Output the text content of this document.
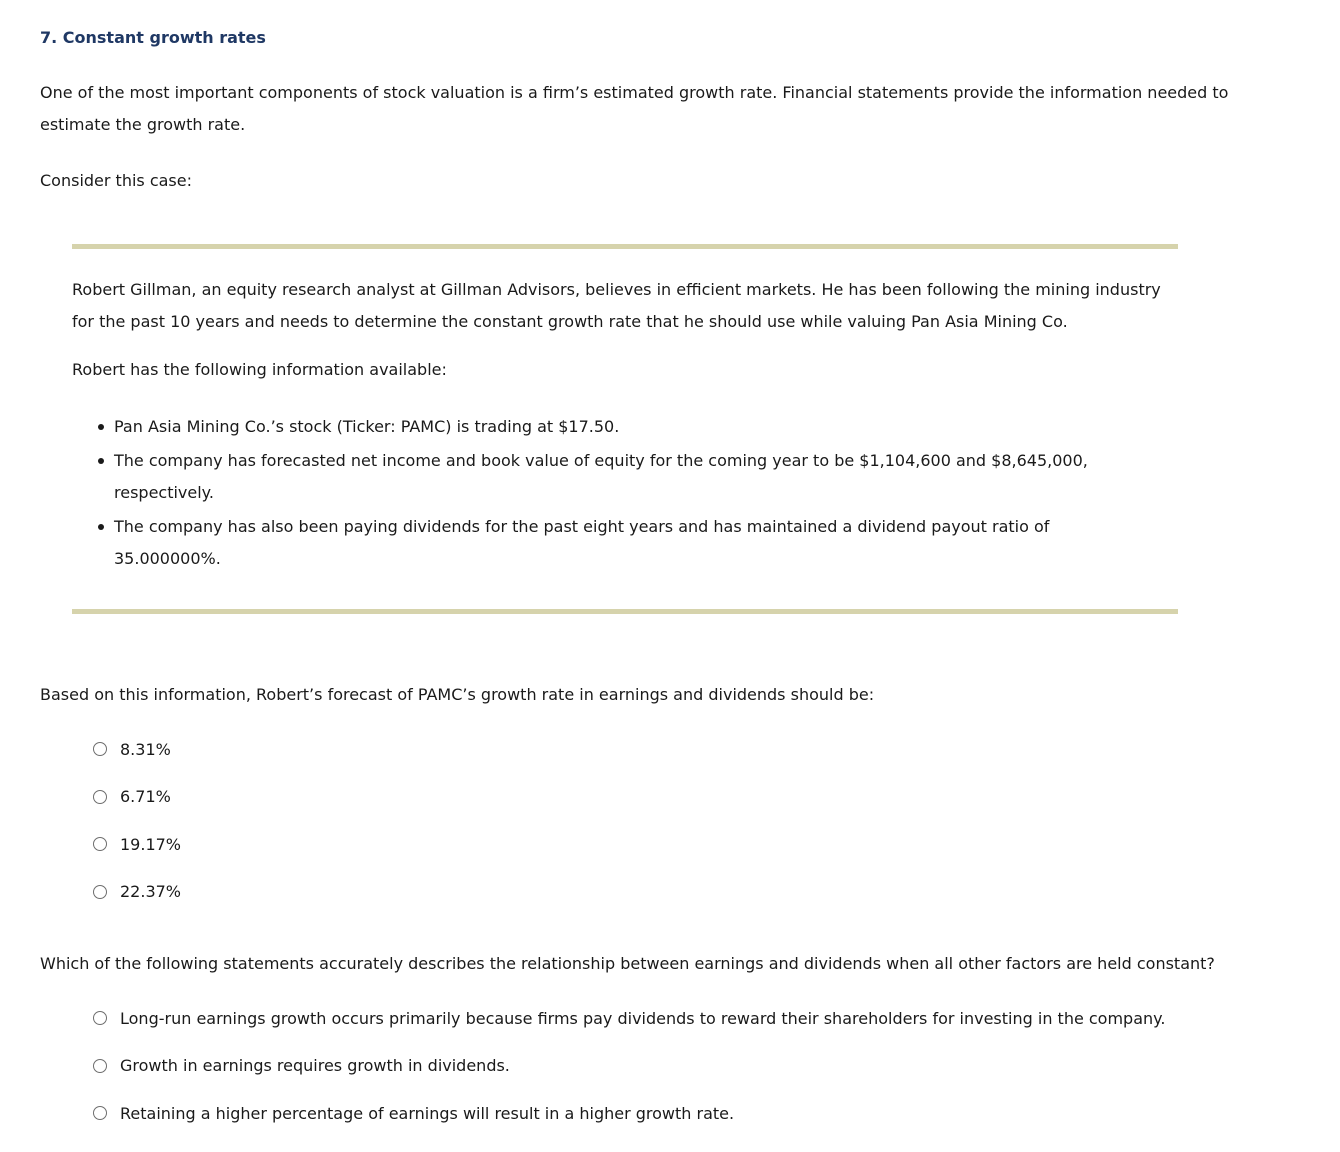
7. Constant growth rates

One of the most important components of stock valuation is a firm’s estimated growth rate. Financial statements provide the information needed to estimate the growth rate.

Consider this case:

Robert Gillman, an equity research analyst at Gillman Advisors, believes in efficient markets. He has been following the mining industry for the past 10 years and needs to determine the constant growth rate that he should use while valuing Pan Asia Mining Co.

Robert has the following information available:

Pan Asia Mining Co.’s stock (Ticker: PAMC) is trading at $17.50.
The company has forecasted net income and book value of equity for the coming year to be $1,104,600 and $8,645,000, respectively.
The company has also been paying dividends for the past eight years and has maintained a dividend payout ratio of 35.000000%.

Based on this information, Robert’s forecast of PAMC’s growth rate in earnings and dividends should be:

8.31%
6.71%
19.17%
22.37%

Which of the following statements accurately describes the relationship between earnings and dividends when all other factors are held constant?

Long-run earnings growth occurs primarily because firms pay dividends to reward their shareholders for investing in the company.
Growth in earnings requires growth in dividends.
Retaining a higher percentage of earnings will result in a higher growth rate.
